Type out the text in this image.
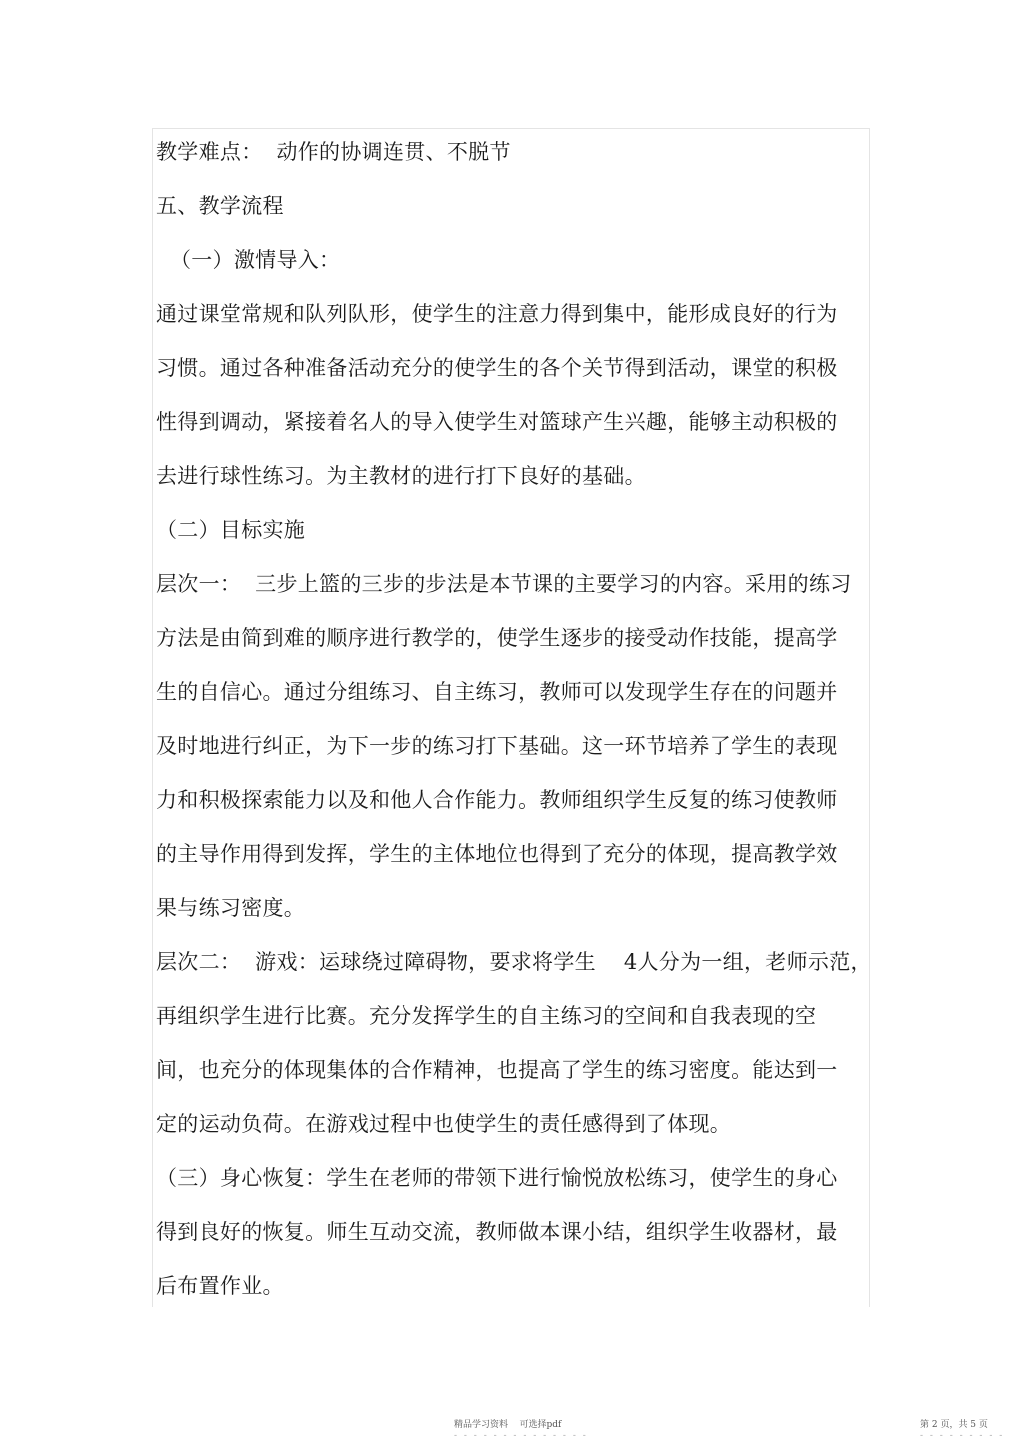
教学难点：  动作的协调连贯、不脱节
五、教学流程
（一）激情导入：
通过课堂常规和队列队形，使学生的注意力得到集中，能形成良好的行为
习惯。通过各种准备活动充分的使学生的各个关节得到活动，课堂的积极
性得到调动，紧接着名人的导入使学生对篮球产生兴趣，能够主动积极的
去进行球性练习。为主教材的进行打下良好的基础。
（二）目标实施
层次一：  三步上篮的三步的步法是本节课的主要学习的内容。采用的练习
方法是由简到难的顺序进行教学的，使学生逐步的接受动作技能，提高学
生的自信心。通过分组练习、自主练习，教师可以发现学生存在的问题并
及时地进行纠正，为下一步的练习打下基础。这一环节培养了学生的表现
力和积极探索能力以及和他人合作能力。教师组织学生反复的练习使教师
的主导作用得到发挥，学生的主体地位也得到了充分的体现，提高教学效
果与练习密度。
层次二：  游戏：运球绕过障碍物，要求将学生    4人分为一组，老师示范，
再组织学生进行比赛。充分发挥学生的自主练习的空间和自我表现的空
间，也充分的体现集体的合作精神，也提高了学生的练习密度。能达到一
定的运动负荷。在游戏过程中也使学生的责任感得到了体现。
（三）身心恢复：学生在老师的带领下进行愉悦放松练习，使学生的身心
得到良好的恢复。师生互动交流，教师做本课小结，组织学生收器材，最
后布置作业。
精品学习资料    可选择pdf
- - - - - - - - - - - - - -
第 2 页，共 5 页
- - - - - - - - -
